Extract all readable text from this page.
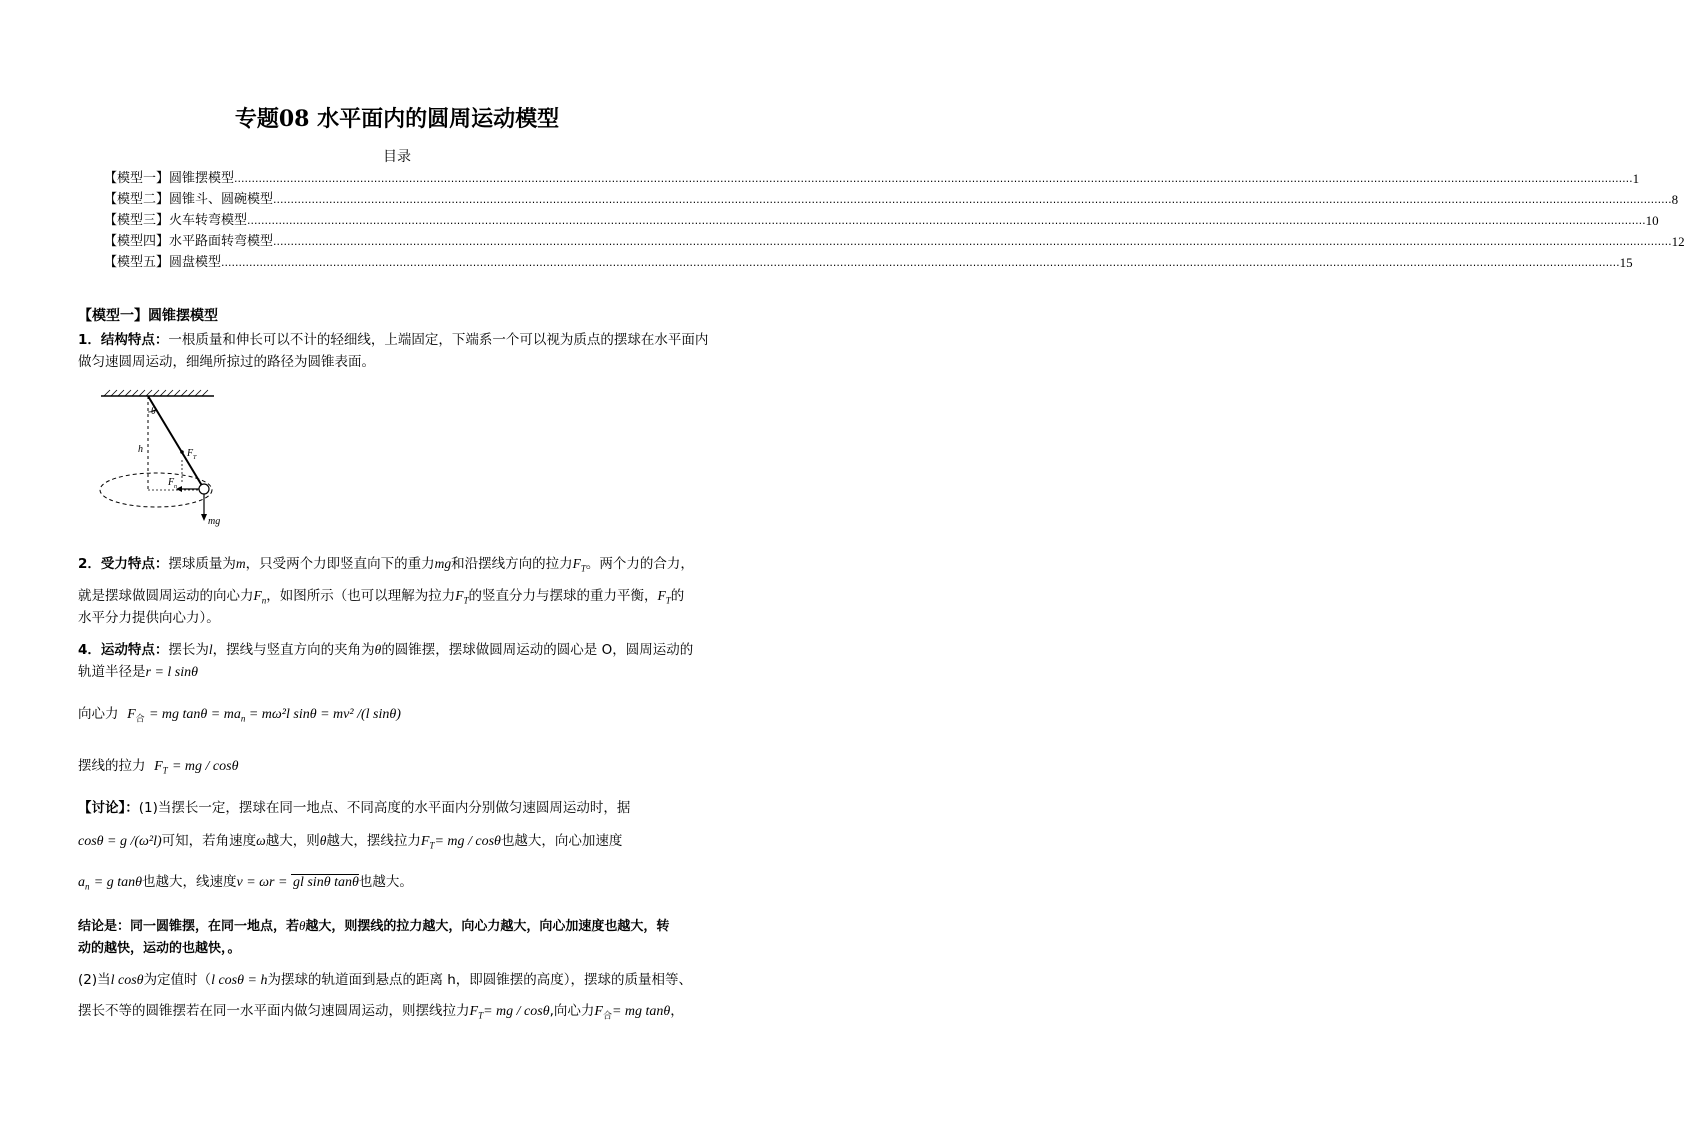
专题08 水平面内的圆周运动模型
目录
【模型一】圆锥摆模型 ................................................................................................................................................................................................................................................................................................................................................................................................................ 1
【模型二】圆锥斗、圆碗模型 ................................................................................................................................................................................................................................................................................................................................................................................................................ 8
【模型三】火车转弯模型 ................................................................................................................................................................................................................................................................................................................................................................................................................ 10
【模型四】水平路面转弯模型 ................................................................................................................................................................................................................................................................................................................................................................................................................ 12
【模型五】圆盘模型 ................................................................................................................................................................................................................................................................................................................................................................................................................ 15
【模型一】圆锥摆模型
1．结构特点：一根质量和伸长可以不计的轻细线，上端固定，下端系一个可以视为质点的摆球在水平面内
做匀速圆周运动，细绳所掠过的路径为圆锥表面。
θ
h	F T
F n
mg
2．受力特点：摆球质量为m，只受两个力即竖直向下的重力mg和沿摆线方向的拉力$F_T$。两个力的合力，
就是摆球做圆周运动的向心力$F_n$，如图所示（也可以理解为拉力$F_T$的竖直分力与摆球的重力平衡，$F_T$的
水平分力提供向心力）。
4．运动特点：摆长为l，摆线与竖直方向的夹角为θ的圆锥摆，摆球做圆周运动的圆心是 O，圆周运动的
轨道半径是r = l sinθ
向心力 $F_合$ = mg $\tan\theta = ma_n = m\omega^2l$ sinθ = mv² /(l sinθ)
摆线的拉力 $F_T$ = mg / cosθ
【讨论】：(1)当摆长一定，摆球在同一地点、不同高度的水平面内分别做匀速圆周运动时，据
cosθ = g /(ω²l)可知，若角速度ω越大，则θ越大，摆线拉力$F_T=$ mg / cosθ也越大，向心加速度
$a_n = g$ tanθ也越大，线速度v = ωr = gl sinθ tanθ也越大。
结论是：同一圆锥摆，在同一地点，若θ越大，则摆线的拉力越大，向心力越大，向心加速度也越大，转
动的越快，运动的也越快，。
(2)当l cosθ为定值时（l cosθ = h为摆球的轨道面到悬点的距离 h，即圆锥摆的高度），摆球的质量相等、
摆长不等的圆锥摆若在同一水平面内做匀速圆周运动，则摆线拉力$F_T=$ mg / cosθ,向心力$F_合=$ mg tanθ，
